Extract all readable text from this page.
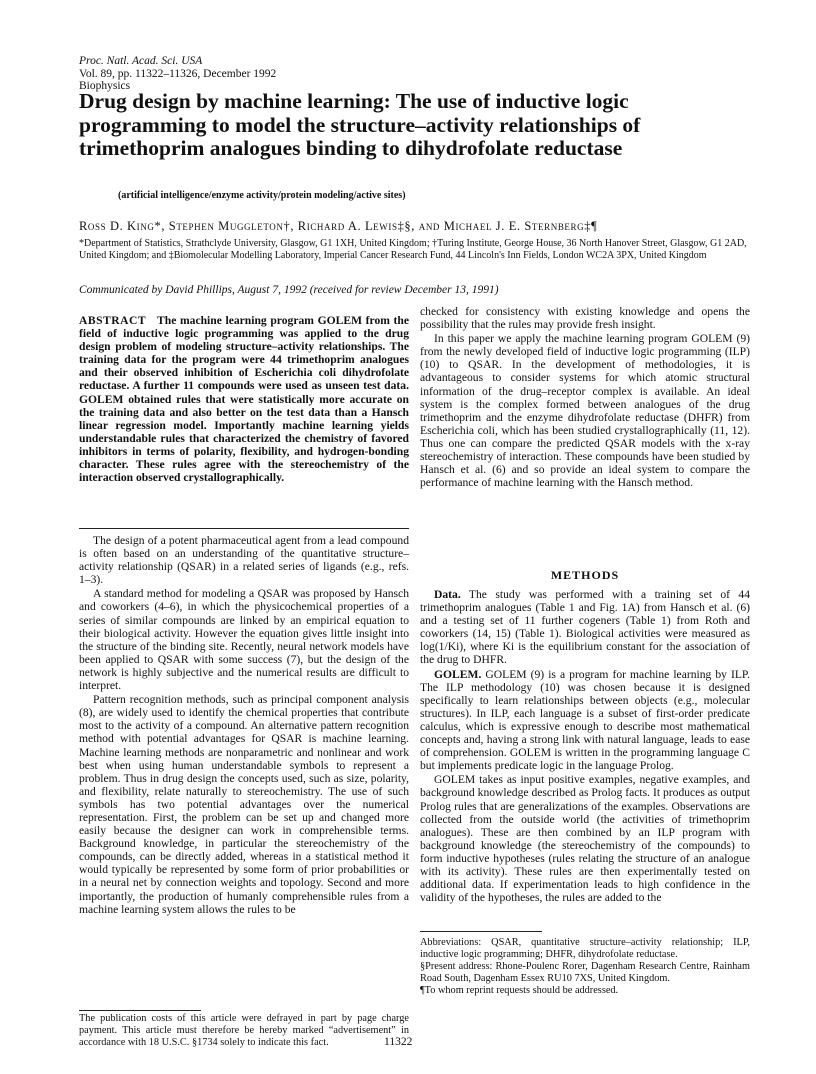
Proc. Natl. Acad. Sci. USA
Vol. 89, pp. 11322–11326, December 1992
Biophysics
Drug design by machine learning: The use of inductive logic programming to model the structure–activity relationships of trimethoprim analogues binding to dihydrofolate reductase
(artificial intelligence/enzyme activity/protein modeling/active sites)
Ross D. King*, Stephen Muggleton†, Richard A. Lewis‡§, and Michael J. E. Sternberg‡¶
*Department of Statistics, Strathclyde University, Glasgow, G1 1XH, United Kingdom; †Turing Institute, George House, 36 North Hanover Street, Glasgow, G1 2AD, United Kingdom; and ‡Biomolecular Modelling Laboratory, Imperial Cancer Research Fund, 44 Lincoln's Inn Fields, London WC2A 3PX, United Kingdom
Communicated by David Phillips, August 7, 1992 (received for review December 13, 1991)
ABSTRACT The machine learning program GOLEM from the field of inductive logic programming was applied to the drug design problem of modeling structure–activity relationships. The training data for the program were 44 trimethoprim analogues and their observed inhibition of Escherichia coli dihydrofolate reductase. A further 11 compounds were used as unseen test data. GOLEM obtained rules that were statistically more accurate on the training data and also better on the test data than a Hansch linear regression model. Importantly machine learning yields understandable rules that characterized the chemistry of favored inhibitors in terms of polarity, flexibility, and hydrogen-bonding character. These rules agree with the stereochemistry of the interaction observed crystallographically.

The design of a potent pharmaceutical agent from a lead compound is often based on an understanding of the quantitative structure–activity relationship (QSAR) in a related series of ligands (e.g., refs. 1–3).

A standard method for modeling a QSAR was proposed by Hansch and coworkers (4–6), in which the physicochemical properties of a series of similar compounds are linked by an empirical equation to their biological activity. However the equation gives little insight into the structure of the binding site. Recently, neural network models have been applied to QSAR with some success (7), but the design of the network is highly subjective and the numerical results are difficult to interpret.

Pattern recognition methods, such as principal component analysis (8), are widely used to identify the chemical properties that contribute most to the activity of a compound. An alternative pattern recognition method with potential advantages for QSAR is machine learning. Machine learning methods are nonparametric and nonlinear and work best when using human understandable symbols to represent a problem. Thus in drug design the concepts used, such as size, polarity, and flexibility, relate naturally to stereochemistry. The use of such symbols has two potential advantages over the numerical representation. First, the problem can be set up and changed more easily because the designer can work in comprehensible terms. Background knowledge, in particular the stereochemistry of the compounds, can be directly added, whereas in a statistical method it would typically be represented by some form of prior probabilities or in a neural net by connection weights and topology. Second and more importantly, the production of humanly comprehensible rules from a machine learning system allows the rules to be

checked for consistency with existing knowledge and opens the possibility that the rules may provide fresh insight.

In this paper we apply the machine learning program GOLEM (9) from the newly developed field of inductive logic programming (ILP) (10) to QSAR. In the development of methodologies, it is advantageous to consider systems for which atomic structural information of the drug–receptor complex is available. An ideal system is the complex formed between analogues of the drug trimethoprim and the enzyme dihydrofolate reductase (DHFR) from Escherichia coli, which has been studied crystallographically (11, 12). Thus one can compare the predicted QSAR models with the x-ray stereochemistry of interaction. These compounds have been studied by Hansch et al. (6) and so provide an ideal system to compare the performance of machine learning with the Hansch method.

METHODS

Data. The study was performed with a training set of 44 trimethoprim analogues (Table 1 and Fig. 1A) from Hansch et al. (6) and a testing set of 11 further cogeners (Table 1) from Roth and coworkers (14, 15) (Table 1). Biological activities were measured as log(1/Ki), where Ki is the equilibrium constant for the association of the drug to DHFR.

GOLEM. GOLEM (9) is a program for machine learning by ILP. The ILP methodology (10) was chosen because it is designed specifically to learn relationships between objects (e.g., molecular structures). In ILP, each language is a subset of first-order predicate calculus, which is expressive enough to describe most mathematical concepts and, having a strong link with natural language, leads to ease of comprehension. GOLEM is written in the programming language C but implements predicate logic in the language Prolog.

GOLEM takes as input positive examples, negative examples, and background knowledge described as Prolog facts. It produces as output Prolog rules that are generalizations of the examples. Observations are collected from the outside world (the activities of trimethoprim analogues). These are then combined by an ILP program with background knowledge (the stereochemistry of the compounds) to form inductive hypotheses (rules relating the structure of an analogue with its activity). These rules are then experimentally tested on additional data. If experimentation leads to high confidence in the validity of the hypotheses, the rules are added to the

Abbreviations: QSAR, quantitative structure–activity relationship; ILP, inductive logic programming; DHFR, dihydrofolate reductase.
§Present address: Rhone-Poulenc Rorer, Dagenham Research Centre, Rainham Road South, Dagenham Essex RU10 7XS, United Kingdom.
¶To whom reprint requests should be addressed.
The publication costs of this article were defrayed in part by page charge payment. This article must therefore be hereby marked “advertisement” in accordance with 18 U.S.C. §1734 solely to indicate this fact.	11322
